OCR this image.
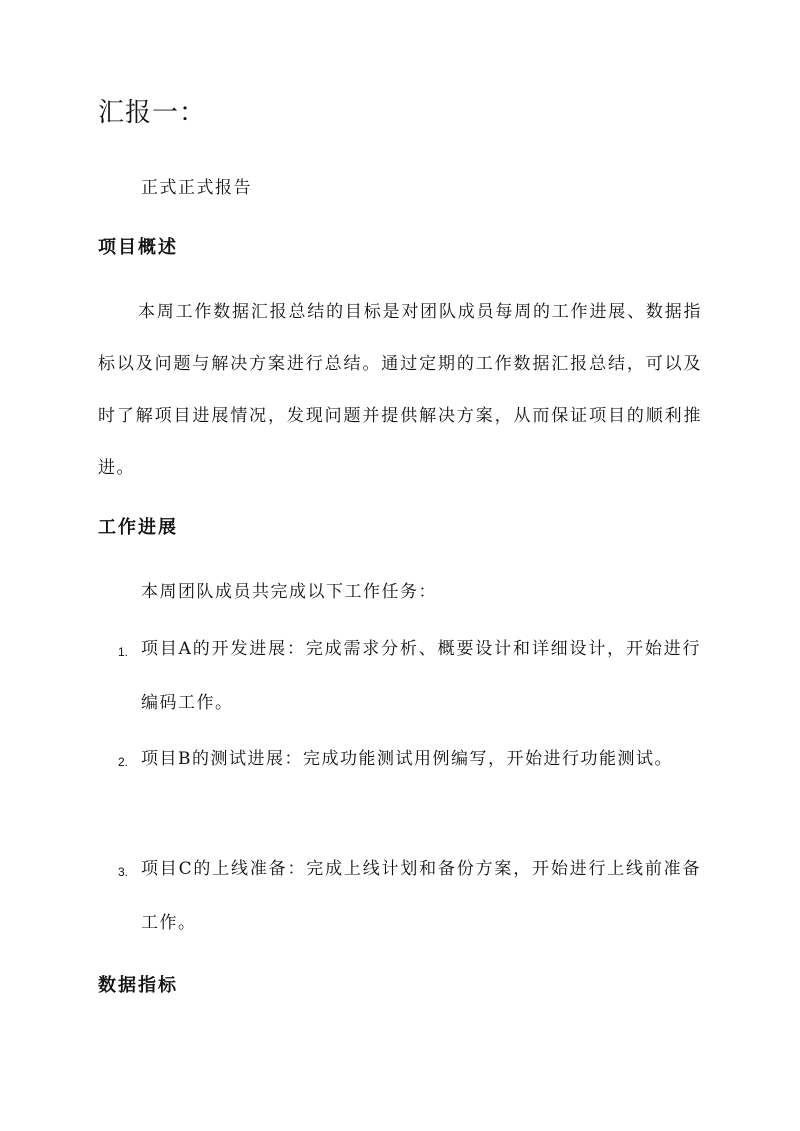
汇报一：

正式正式报告

项目概述

本周工作数据汇报总结的目标是对团队成员每周的工作进展、数据指标以及问题与解决方案进行总结。通过定期的工作数据汇报总结，可以及时了解项目进展情况，发现问题并提供解决方案，从而保证项目的顺利推进。

工作进展

本周团队成员共完成以下工作任务：

1. 项目A的开发进展：完成需求分析、概要设计和详细设计，开始进行编码工作。

2. 项目B的测试进展：完成功能测试用例编写，开始进行功能测试。

3. 项目C的上线准备：完成上线计划和备份方案，开始进行上线前准备工作。

数据指标
